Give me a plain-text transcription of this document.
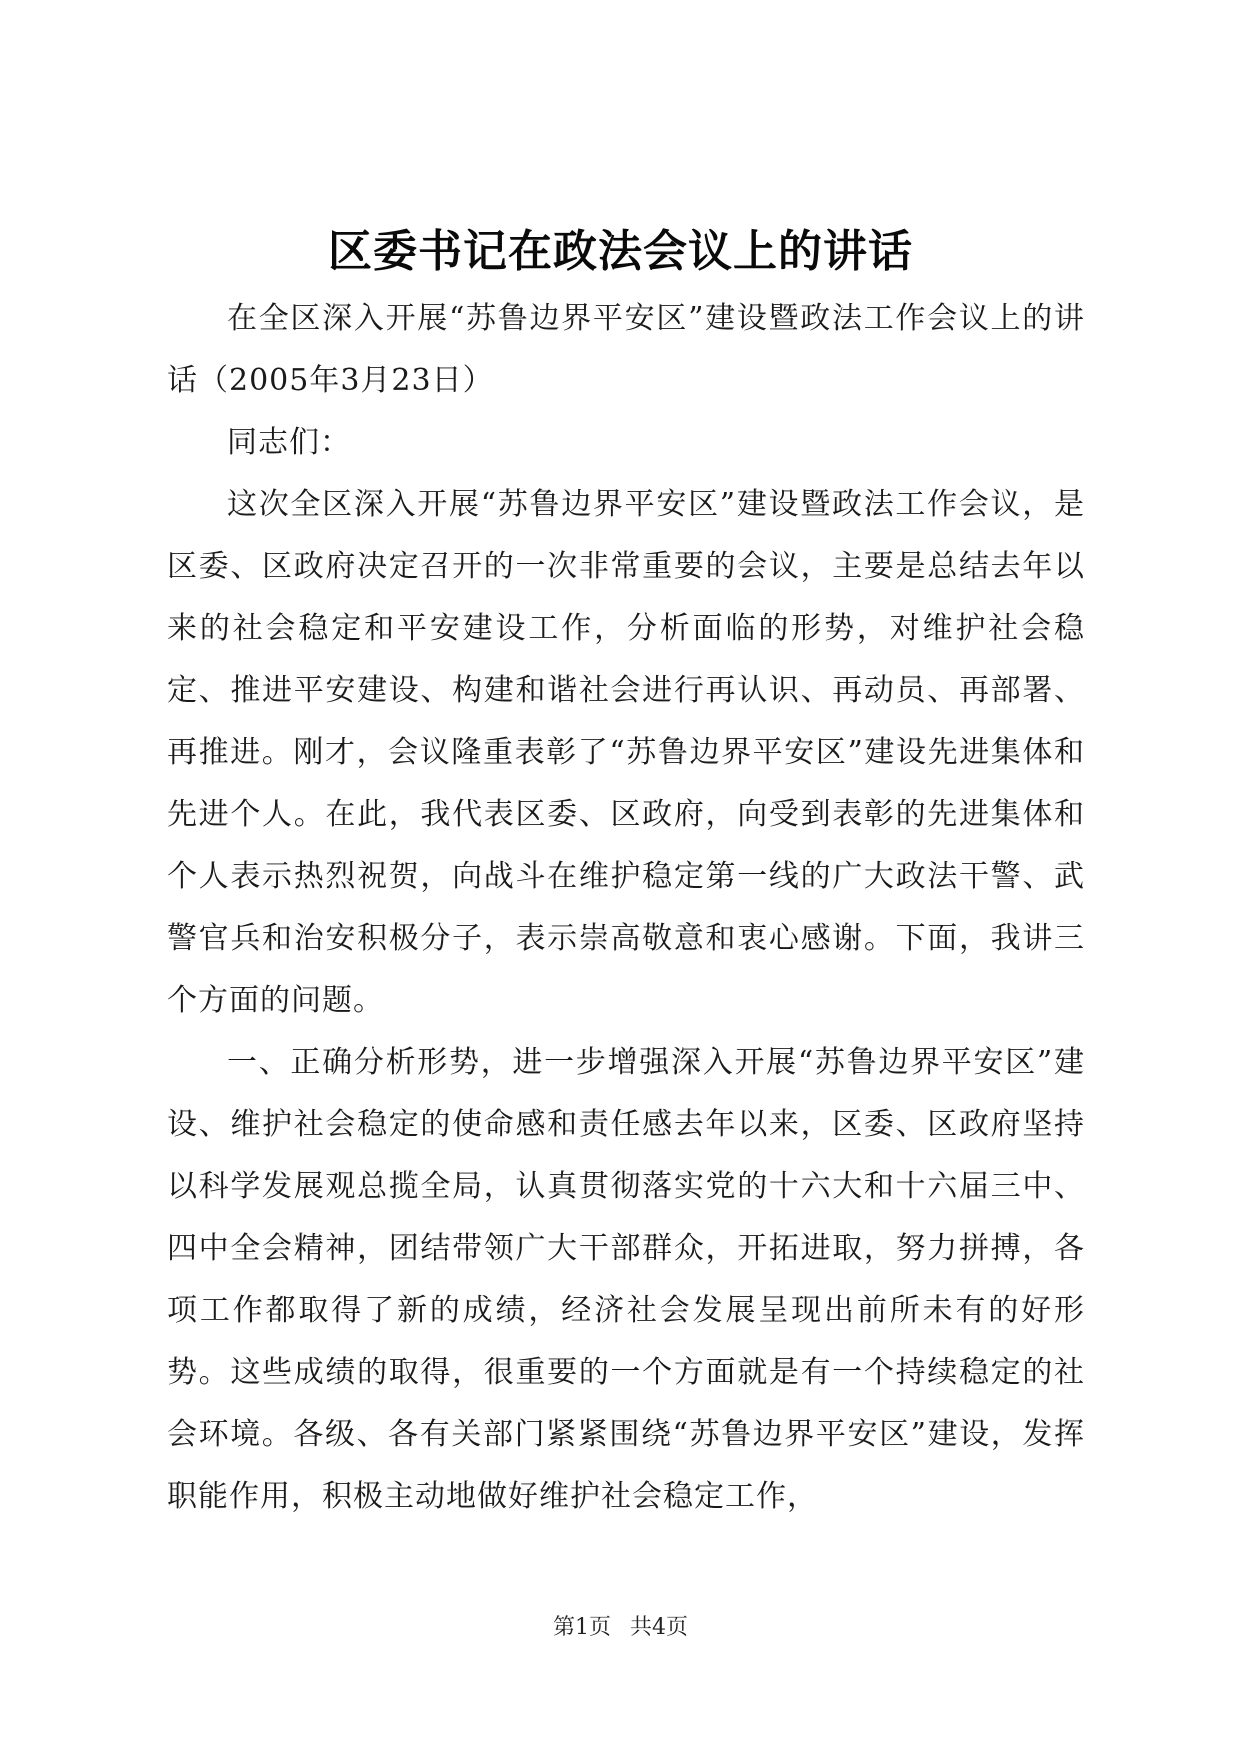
区委书记在政法会议上的讲话

在全区深入开展“苏鲁边界平安区”建设暨政法工作会议上的讲话（2005年3月23日）

同志们：

这次全区深入开展“苏鲁边界平安区”建设暨政法工作会议，是区委、区政府决定召开的一次非常重要的会议，主要是总结去年以来的社会稳定和平安建设工作，分析面临的形势，对维护社会稳定、推进平安建设、构建和谐社会进行再认识、再动员、再部署、再推进。刚才，会议隆重表彰了“苏鲁边界平安区”建设先进集体和先进个人。在此，我代表区委、区政府，向受到表彰的先进集体和个人表示热烈祝贺，向战斗在维护稳定第一线的广大政法干警、武警官兵和治安积极分子，表示崇高敬意和衷心感谢。下面，我讲三个方面的问题。

一、正确分析形势，进一步增强深入开展“苏鲁边界平安区”建设、维护社会稳定的使命感和责任感去年以来，区委、区政府坚持以科学发展观总揽全局，认真贯彻落实党的十六大和十六届三中、四中全会精神，团结带领广大干部群众，开拓进取，努力拼搏，各项工作都取得了新的成绩，经济社会发展呈现出前所未有的好形势。这些成绩的取得，很重要的一个方面就是有一个持续稳定的社会环境。各级、各有关部门紧紧围绕“苏鲁边界平安区”建设，发挥职能作用，积极主动地做好维护社会稳定工作，

第1页 共4页
